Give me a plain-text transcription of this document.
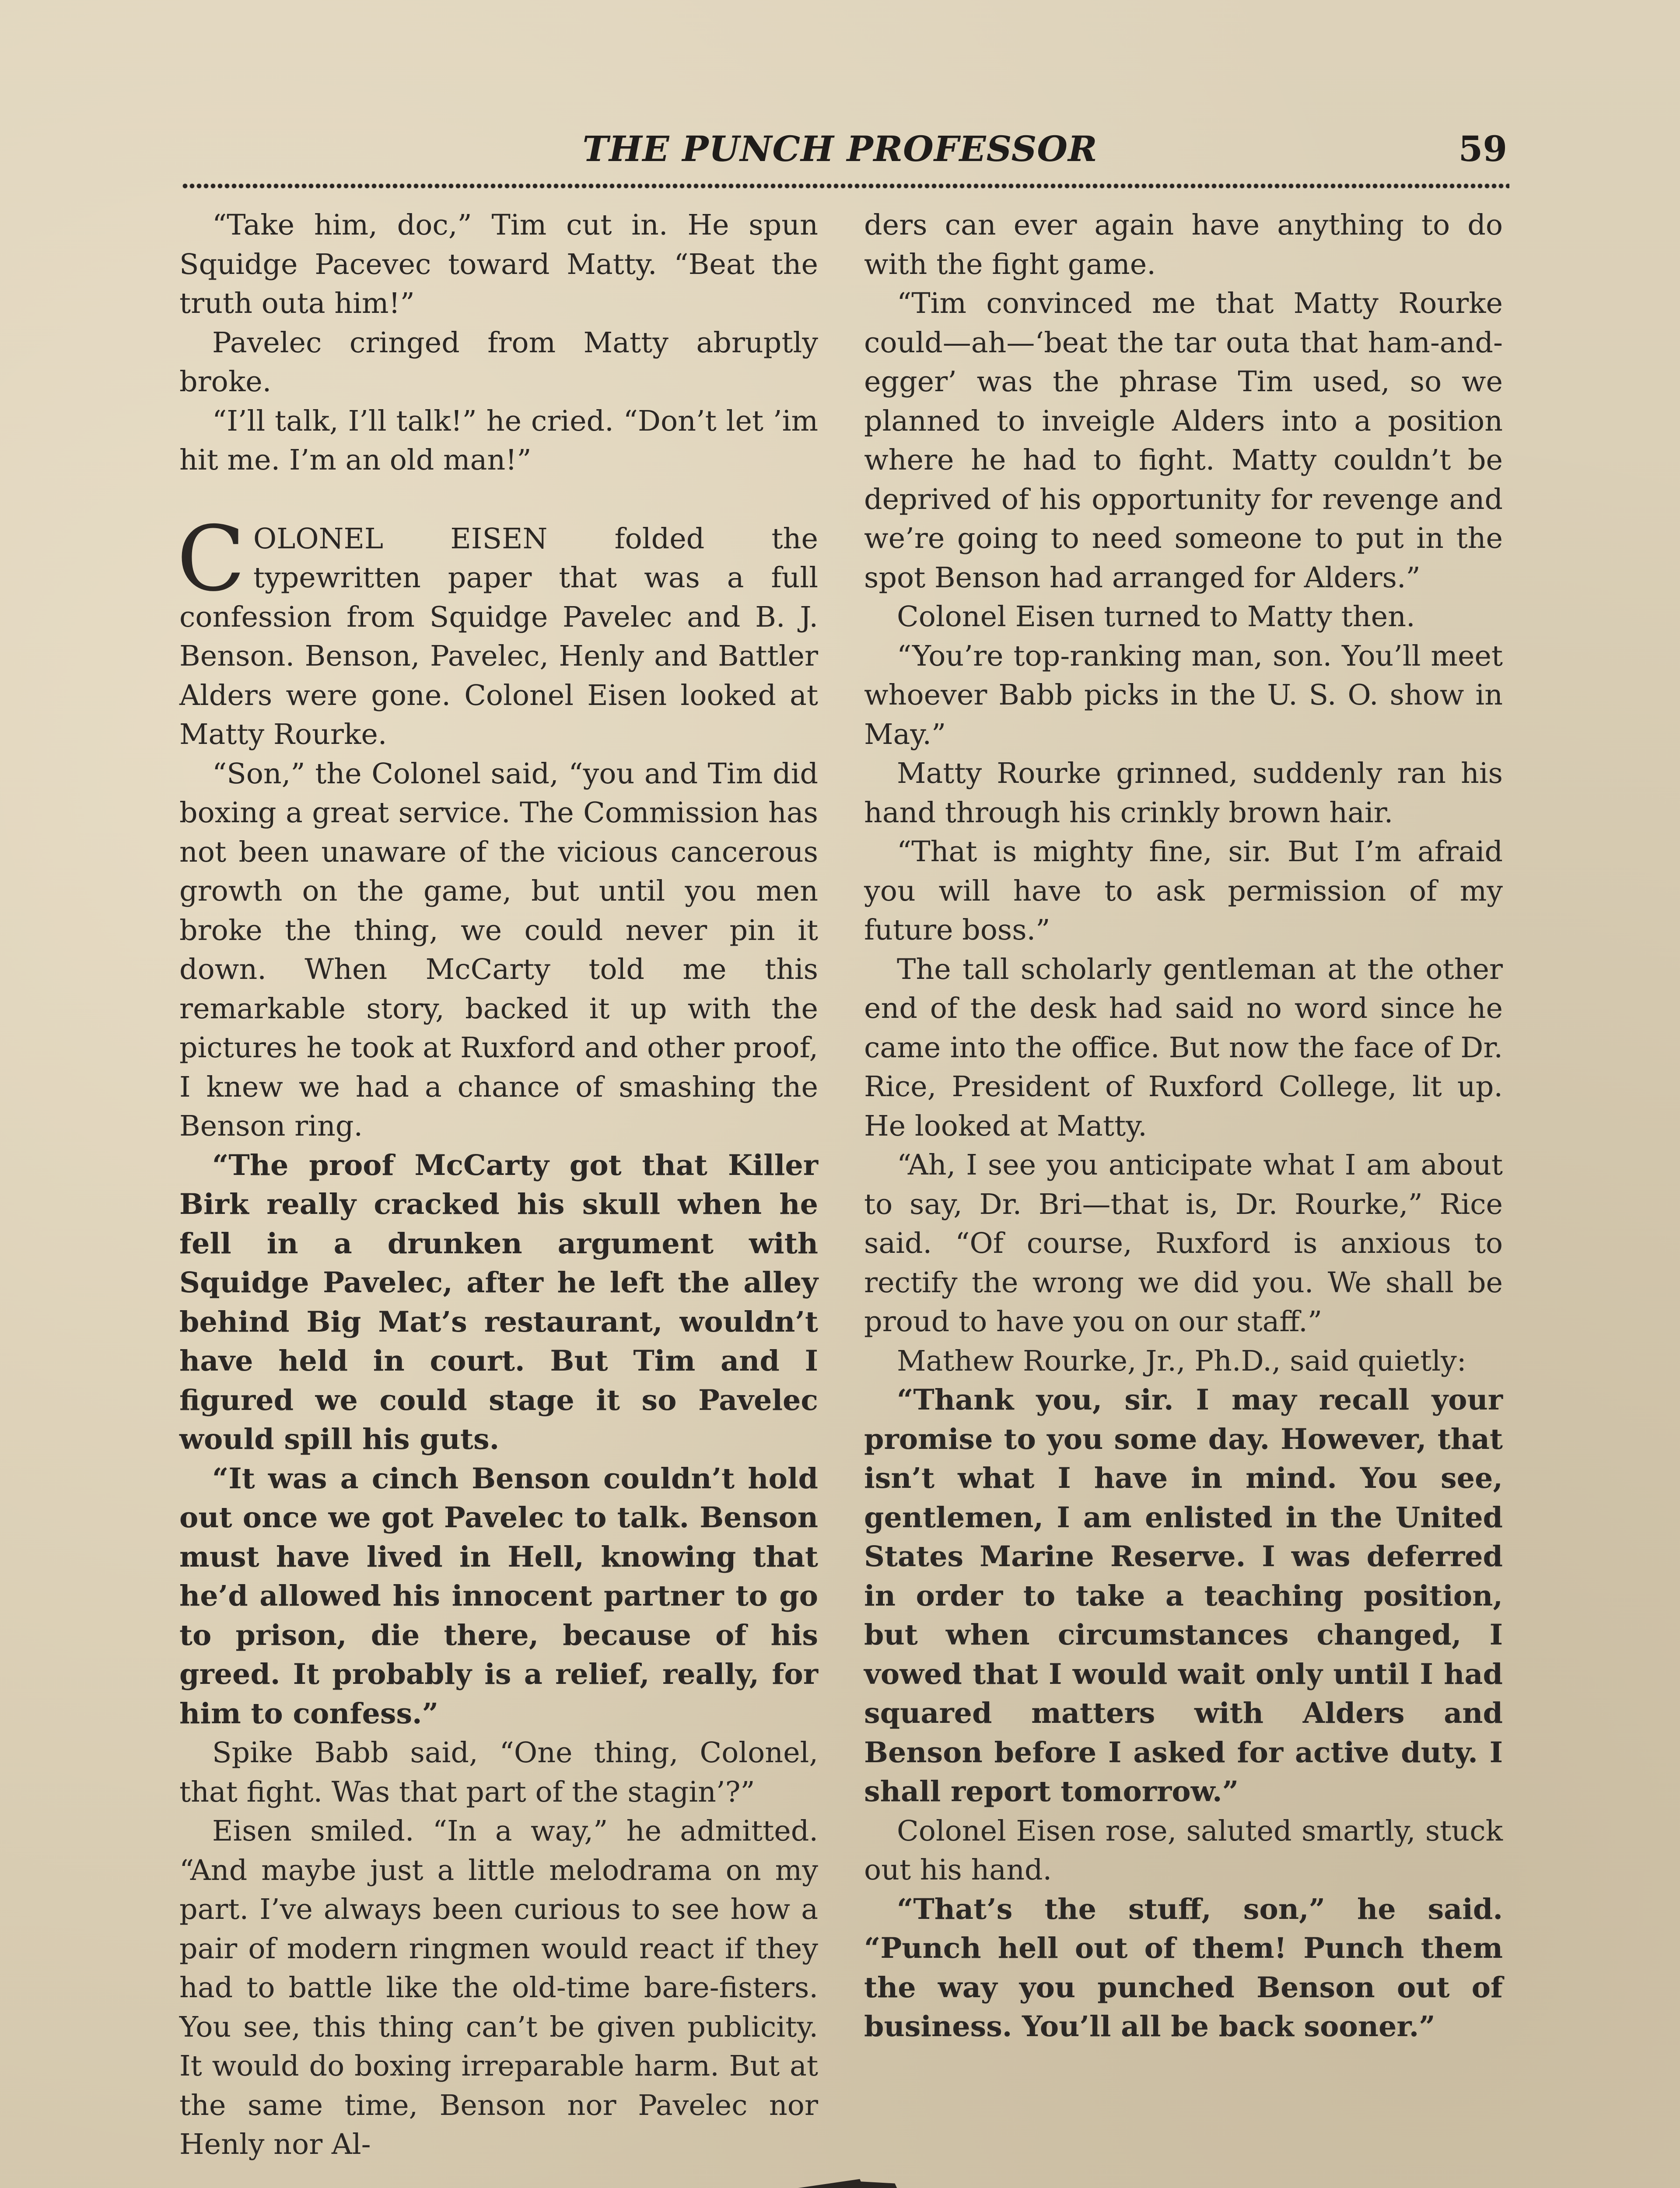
THE PUNCH PROFESSOR	59

“Take him, doc,” Tim cut in. He spun Squidge Pacevec toward Matty. “Beat the truth outa him!”

Pavelec cringed from Matty abruptly broke.

“I’ll talk, I’ll talk!” he cried. “Don’t let ’im hit me. I’m an old man!”

COLONEL EISEN folded the typewritten paper that was a full confession from Squidge Pavelec and B. J. Benson. Benson, Pavelec, Henly and Battler Alders were gone. Colonel Eisen looked at Matty Rourke.

“Son,” the Colonel said, “you and Tim did boxing a great service. The Commission has not been unaware of the vicious cancerous growth on the game, but until you men broke the thing, we could never pin it down. When McCarty told me this remarkable story, backed it up with the pictures he took at Ruxford and other proof, I knew we had a chance of smashing the Benson ring.

“The proof McCarty got that Killer Birk really cracked his skull when he fell in a drunken argument with Squidge Pavelec, after he left the alley behind Big Mat’s restaurant, wouldn’t have held in court. But Tim and I figured we could stage it so Pavelec would spill his guts.

“It was a cinch Benson couldn’t hold out once we got Pavelec to talk. Benson must have lived in Hell, knowing that he’d allowed his innocent partner to go to prison, die there, because of his greed. It probably is a relief, really, for him to confess.”

Spike Babb said, “One thing, Colonel, that fight. Was that part of the stagin’?”

Eisen smiled. “In a way,” he admitted. “And maybe just a little melodrama on my part. I’ve always been curious to see how a pair of modern ringmen would react if they had to battle like the old-time bare-fisters. You see, this thing can’t be given publicity. It would do boxing irreparable harm. But at the same time, Benson nor Pavelec nor Henly nor Al-

ders can ever again have anything to do with the fight game.

“Tim convinced me that Matty Rourke could—ah—‘beat the tar outa that ham-and-egger’ was the phrase Tim used, so we planned to inveigle Alders into a position where he had to fight. Matty couldn’t be deprived of his opportunity for revenge and we’re going to need someone to put in the spot Benson had arranged for Alders.”

Colonel Eisen turned to Matty then.

“You’re top-ranking man, son. You’ll meet whoever Babb picks in the U. S. O. show in May.”

Matty Rourke grinned, suddenly ran his hand through his crinkly brown hair.

“That is mighty fine, sir. But I’m afraid you will have to ask permission of my future boss.”

The tall scholarly gentleman at the other end of the desk had said no word since he came into the office. But now the face of Dr. Rice, President of Ruxford College, lit up. He looked at Matty.

“Ah, I see you anticipate what I am about to say, Dr. Bri—that is, Dr. Rourke,” Rice said. “Of course, Ruxford is anxious to rectify the wrong we did you. We shall be proud to have you on our staff.”

Mathew Rourke, Jr., Ph.D., said quietly:

“Thank you, sir. I may recall your promise to you some day. However, that isn’t what I have in mind. You see, gentlemen, I am enlisted in the United States Marine Reserve. I was deferred in order to take a teaching position, but when circumstances changed, I vowed that I would wait only until I had squared matters with Alders and Benson before I asked for active duty. I shall report tomorrow.”

Colonel Eisen rose, saluted smartly, stuck out his hand.

“That’s the stuff, son,” he said. “Punch hell out of them! Punch them the way you punched Benson out of business. You’ll all be back sooner.”
